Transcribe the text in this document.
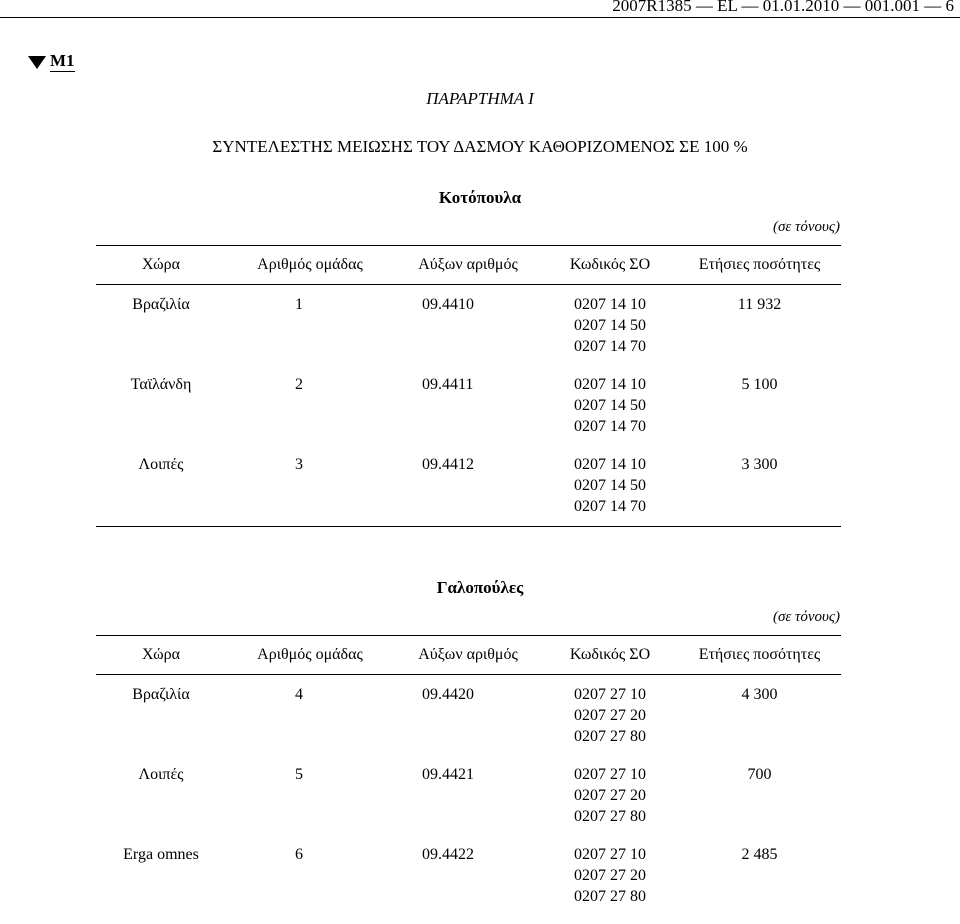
2007R1385 — EL — 01.01.2010 — 001.001 — 6
M1
ΠΑΡΑΡΤΗΜΑ I
ΣΥΝΤΕΛΕΣΤΗΣ ΜΕΙΩΣΗΣ ΤΟΥ ΔΑΣΜΟΥ ΚΑΘΟΡΙΖΟΜΕΝΟΣ ΣΕ 100 %
Κοτόπουλα
(σε τόνους)
Χώρα	Αριθμός ομάδας	Αύξων αριθμός	Κωδικός ΣΟ	Ετήσιες ποσότητες
Βραζιλία	1	09.4410	0207 14 10
0207 14 50
0207 14 70	11 932
Ταϊλάνδη	2	09.4411	0207 14 10
0207 14 50
0207 14 70	5 100
Λοιπές	3	09.4412	0207 14 10
0207 14 50
0207 14 70	3 300
Γαλοπούλες
(σε τόνους)
Χώρα	Αριθμός ομάδας	Αύξων αριθμός	Κωδικός ΣΟ	Ετήσιες ποσότητες
Βραζιλία	4	09.4420	0207 27 10
0207 27 20
0207 27 80	4 300
Λοιπές	5	09.4421	0207 27 10
0207 27 20
0207 27 80	700
Erga omnes	6	09.4422	0207 27 10
0207 27 20
0207 27 80	2 485
